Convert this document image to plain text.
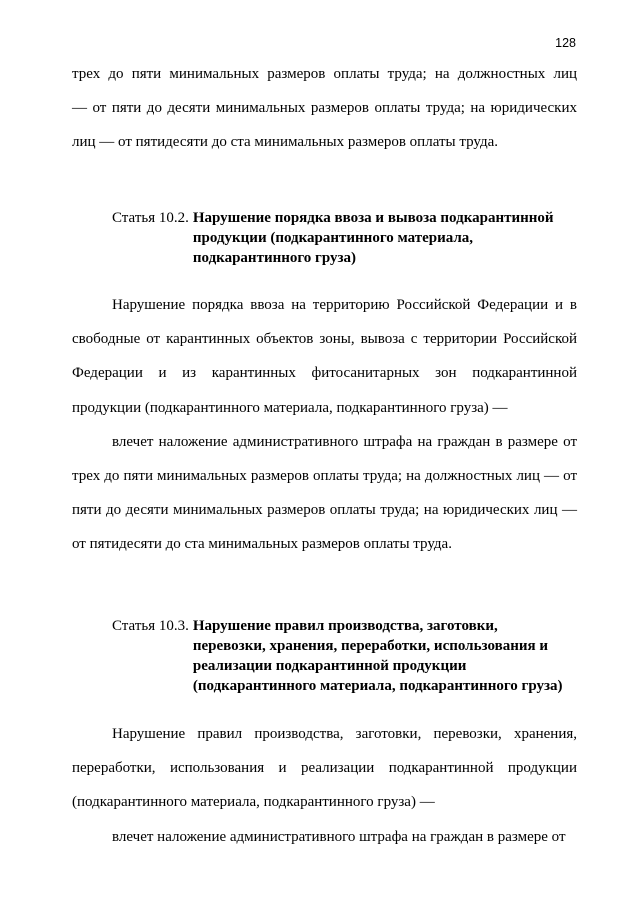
128

трех до пяти минимальных размеров оплаты труда; на должностных лиц

— от пяти до десяти минимальных размеров оплаты труда; на юридических

лиц — от пятидесяти до ста минимальных размеров оплаты труда.

Статья 10.2. Нарушение порядка ввоза и вывоза подкарантинной
продукции (подкарантинного материала,
подкарантинного груза)

Нарушение порядка ввоза на территорию Российской Федерации и в свободные от карантинных объектов зоны, вывоза с территории Российской Федерации и из карантинных фитосанитарных зон подкарантинной продукции (подкарантинного материала, подкарантинного груза) —

влечет наложение административного штрафа на граждан в размере от трех до пяти минимальных размеров оплаты труда; на должностных лиц — от пяти до десяти минимальных размеров оплаты труда; на юридических лиц — от пятидесяти до ста минимальных размеров оплаты труда.

Статья 10.3. Нарушение правил производства, заготовки,
перевозки, хранения, переработки, использования и
реализации подкарантинной продукции
(подкарантинного материала, подкарантинного груза)

Нарушение правил производства, заготовки, перевозки, хранения, переработки, использования и реализации подкарантинной продукции (подкарантинного материала, подкарантинного груза) —

влечет наложение административного штрафа на граждан в размере от
